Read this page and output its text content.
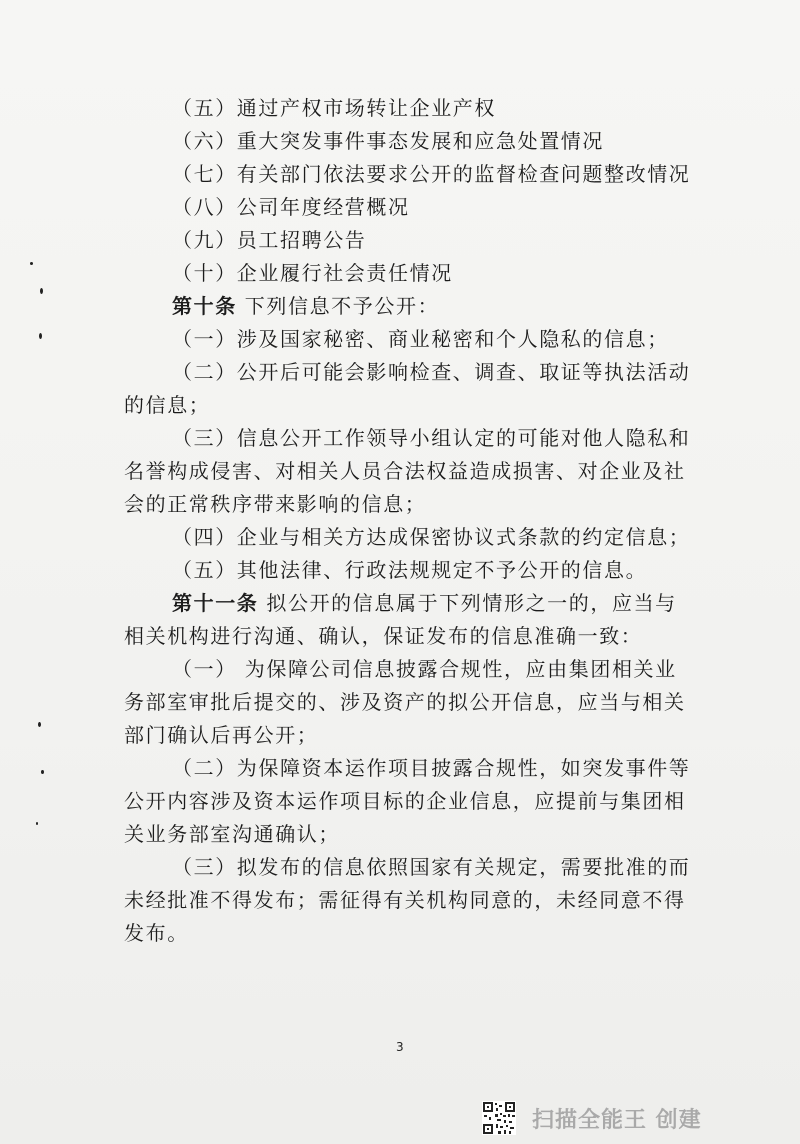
（五）通过产权市场转让企业产权
（六）重大突发事件事态发展和应急处置情况
（七）有关部门依法要求公开的监督检查问题整改情况
（八）公司年度经营概况
（九）员工招聘公告
（十）企业履行社会责任情况
第十条 下列信息不予公开：
（一）涉及国家秘密、商业秘密和个人隐私的信息；
（二）公开后可能会影响检查、调查、取证等执法活动
的信息；
（三）信息公开工作领导小组认定的可能对他人隐私和
名誉构成侵害、对相关人员合法权益造成损害、对企业及社
会的正常秩序带来影响的信息；
（四）企业与相关方达成保密协议式条款的约定信息；
（五）其他法律、行政法规规定不予公开的信息。
第十一条 拟公开的信息属于下列情形之一的，应当与
相关机构进行沟通、确认，保证发布的信息准确一致：
（一） 为保障公司信息披露合规性，应由集团相关业
务部室审批后提交的、涉及资产的拟公开信息，应当与相关
部门确认后再公开；
（二）为保障资本运作项目披露合规性，如突发事件等
公开内容涉及资本运作项目标的企业信息，应提前与集团相
关业务部室沟通确认；
（三）拟发布的信息依照国家有关规定，需要批准的而
未经批准不得发布；需征得有关机构同意的，未经同意不得
发布。
3
扫描全能王 创建
